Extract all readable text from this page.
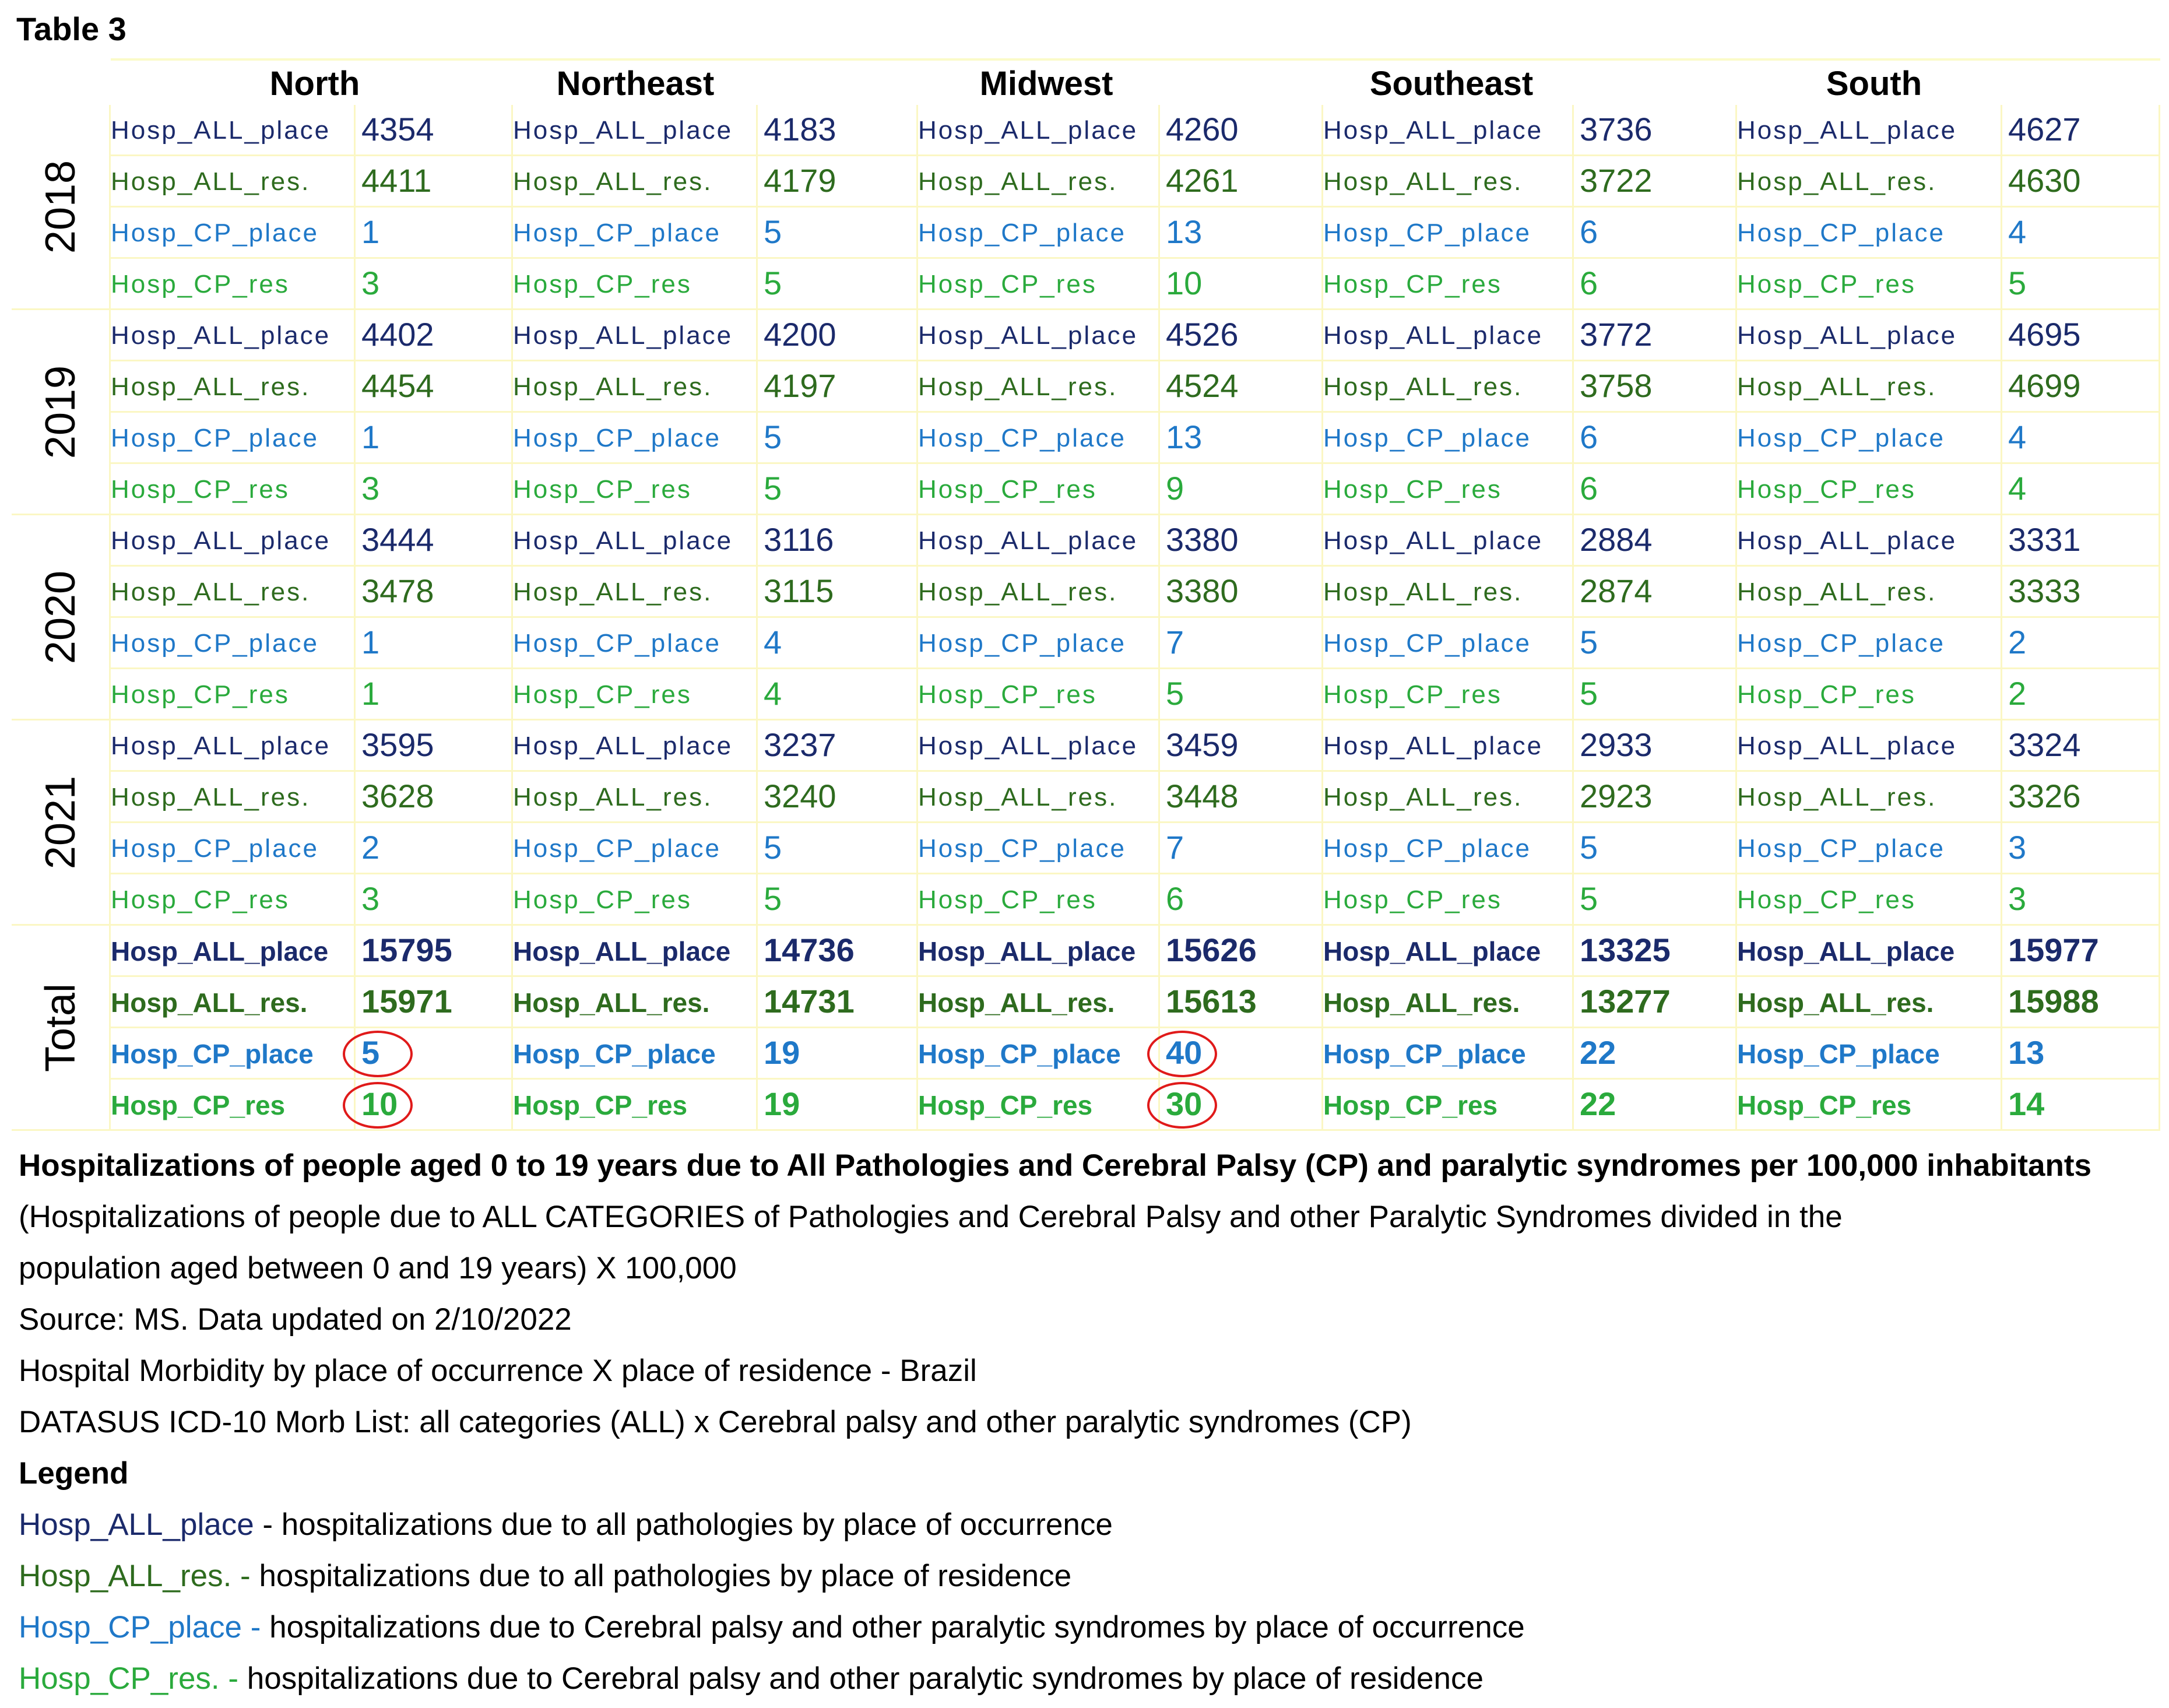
Table 3
North	Northeast	Midwest	Southeast	South
2018
Hosp_ALL_place 4354	Hosp_ALL_place 4183	Hosp_ALL_place 4260	Hosp_ALL_place	3736	Hosp_ALL_place	4627
Hosp_ALL_res.	4411	Hosp_ALL_res.	4179	Hosp_ALL_res.	4261	Hosp_ALL_res.	3722	Hosp_ALL_res.	4630
Hosp_CP_place	1	Hosp_CP_place	5	Hosp_CP_place	13	Hosp_CP_place	6	Hosp_CP_place	4
Hosp_CP_res	3	Hosp_CP_res	5	Hosp_CP_res	10	Hosp_CP_res	6	Hosp_CP_res	5
2019
Hosp_ALL_place 4402	Hosp_ALL_place 4200	Hosp_ALL_place 4526	Hosp_ALL_place	3772	Hosp_ALL_place	4695
Hosp_ALL_res.	4454	Hosp_ALL_res.	4197	Hosp_ALL_res.	4524	Hosp_ALL_res.	3758	Hosp_ALL_res.	4699
Hosp_CP_place	1	Hosp_CP_place	5	Hosp_CP_place	13	Hosp_CP_place	6	Hosp_CP_place	4
Hosp_CP_res	3	Hosp_CP_res	5	Hosp_CP_res	9	Hosp_CP_res	6	Hosp_CP_res	4
2020
Hosp_ALL_place 3444	Hosp_ALL_place 3116	Hosp_ALL_place 3380	Hosp_ALL_place	2884	Hosp_ALL_place	3331
Hosp_ALL_res.	3478	Hosp_ALL_res.	3115	Hosp_ALL_res.	3380	Hosp_ALL_res.	2874	Hosp_ALL_res.	3333
Hosp_CP_place	1	Hosp_CP_place	4	Hosp_CP_place	7	Hosp_CP_place	5	Hosp_CP_place	2
Hosp_CP_res	1	Hosp_CP_res	4	Hosp_CP_res	5	Hosp_CP_res	5	Hosp_CP_res	2
2021
Hosp_ALL_place 3595	Hosp_ALL_place 3237	Hosp_ALL_place 3459	Hosp_ALL_place	2933	Hosp_ALL_place	3324
Hosp_ALL_res.	3628	Hosp_ALL_res.	3240	Hosp_ALL_res.	3448	Hosp_ALL_res.	2923	Hosp_ALL_res.	3326
Hosp_CP_place	2	Hosp_CP_place	5	Hosp_CP_place	7	Hosp_CP_place	5	Hosp_CP_place	3
Hosp_CP_res	3	Hosp_CP_res	5	Hosp_CP_res	6	Hosp_CP_res	5	Hosp_CP_res	3
Total
Hosp_ALL_place	15795	Hosp_ALL_place	14736	Hosp_ALL_place 15626	Hosp_ALL_place	13325	Hosp_ALL_place	15977
Hosp_ALL_res.	15971	Hosp_ALL_res.	14731	Hosp_ALL_res.	15613	Hosp_ALL_res.	13277	Hosp_ALL_res.	15988
Hosp_CP_place	5	Hosp_CP_place	19	Hosp_CP_place	40	Hosp_CP_place	22	Hosp_CP_place	13
Hosp_CP_res	10	Hosp_CP_res	19	Hosp_CP_res	30	Hosp_CP_res	22	Hosp_CP_res	14
Hospitalizations of people aged 0 to 19 years due to All Pathologies and Cerebral Palsy (CP) and paralytic syndromes per 100,000 inhabitants
(Hospitalizations of people due to ALL CATEGORIES of Pathologies and Cerebral Palsy and other Paralytic Syndromes divided in the
population aged between 0 and 19 years) X 100,000
Source: MS. Data updated on 2/10/2022
Hospital Morbidity by place of occurrence X place of residence - Brazil
DATASUS ICD-10 Morb List: all categories (ALL) x Cerebral palsy and other paralytic syndromes (CP)
Legend
Hosp_ALL_place - hospitalizations due to all pathologies by place of occurrence
Hosp_ALL_res. - hospitalizations due to all pathologies by place of residence
Hosp_CP_place - hospitalizations due to Cerebral palsy and other paralytic syndromes by place of occurrence
Hosp_CP_res. - hospitalizations due to Cerebral palsy and other paralytic syndromes by place of residence
